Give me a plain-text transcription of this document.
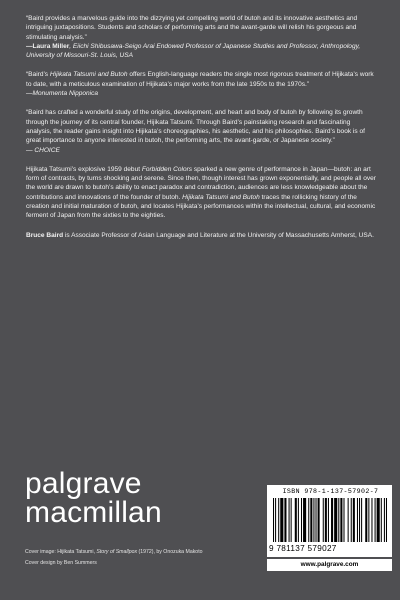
“Baird provides a marvelous guide into the dizzying yet compelling world of butoh and its innovative aesthetics and intriguing juxtapositions. Students and scholars of performing arts and the avant-garde will relish his gorgeous and stimulating analysis.”
—Laura Miller, Eiichi Shibusawa-Seigo Arai Endowed Professor of Japanese Studies and Professor, Anthropology, University of Missouri-St. Louis, USA
“Baird’s Hijikata Tatsumi and Butoh offers English-language readers the single most rigorous treatment of Hijikata’s work to date, with a meticulous examination of Hijikata’s major works from the late 1950s to the 1970s.”
—Monumenta Nipponica
“Baird has crafted a wonderful study of the origins, development, and heart and body of butoh by following its growth through the journey of its central founder, Hijikata Tatsumi. Through Baird’s painstaking research and fascinating analysis, the reader gains insight into Hijikata’s choreographies, his aesthetic, and his philosophies. Baird’s book is of great importance to anyone interested in butoh, the performing arts, the avant-garde, or Japanese society.”
— CHOICE
Hijikata Tatsumi’s explosive 1959 debut Forbidden Colors sparked a new genre of performance in Japan—butoh: an art form of contrasts, by turns shocking and serene. Since then, though interest has grown exponentially, and people all over the world are drawn to butoh’s ability to enact paradox and contradiction, audiences are less knowledgeable about the contributions and innovations of the founder of butoh. Hijikata Tatsumi and Butoh traces the rollicking history of the creation and initial maturation of butoh, and locates Hijikata’s performances within the intellectual, cultural, and economic ferment of Japan from the sixties to the eighties.
Bruce Baird is Associate Professor of Asian Language and Literature at the University of Massachusetts Amherst, USA.
palgrave
macmillan

Cover image: Hijikata Tatsumi, Story of Smallpox (1972), by Onozuka Makoto

Cover design by Ben Summers

ISBN 978-1-137-57902-7
9 781137 579027
www.palgrave.com
